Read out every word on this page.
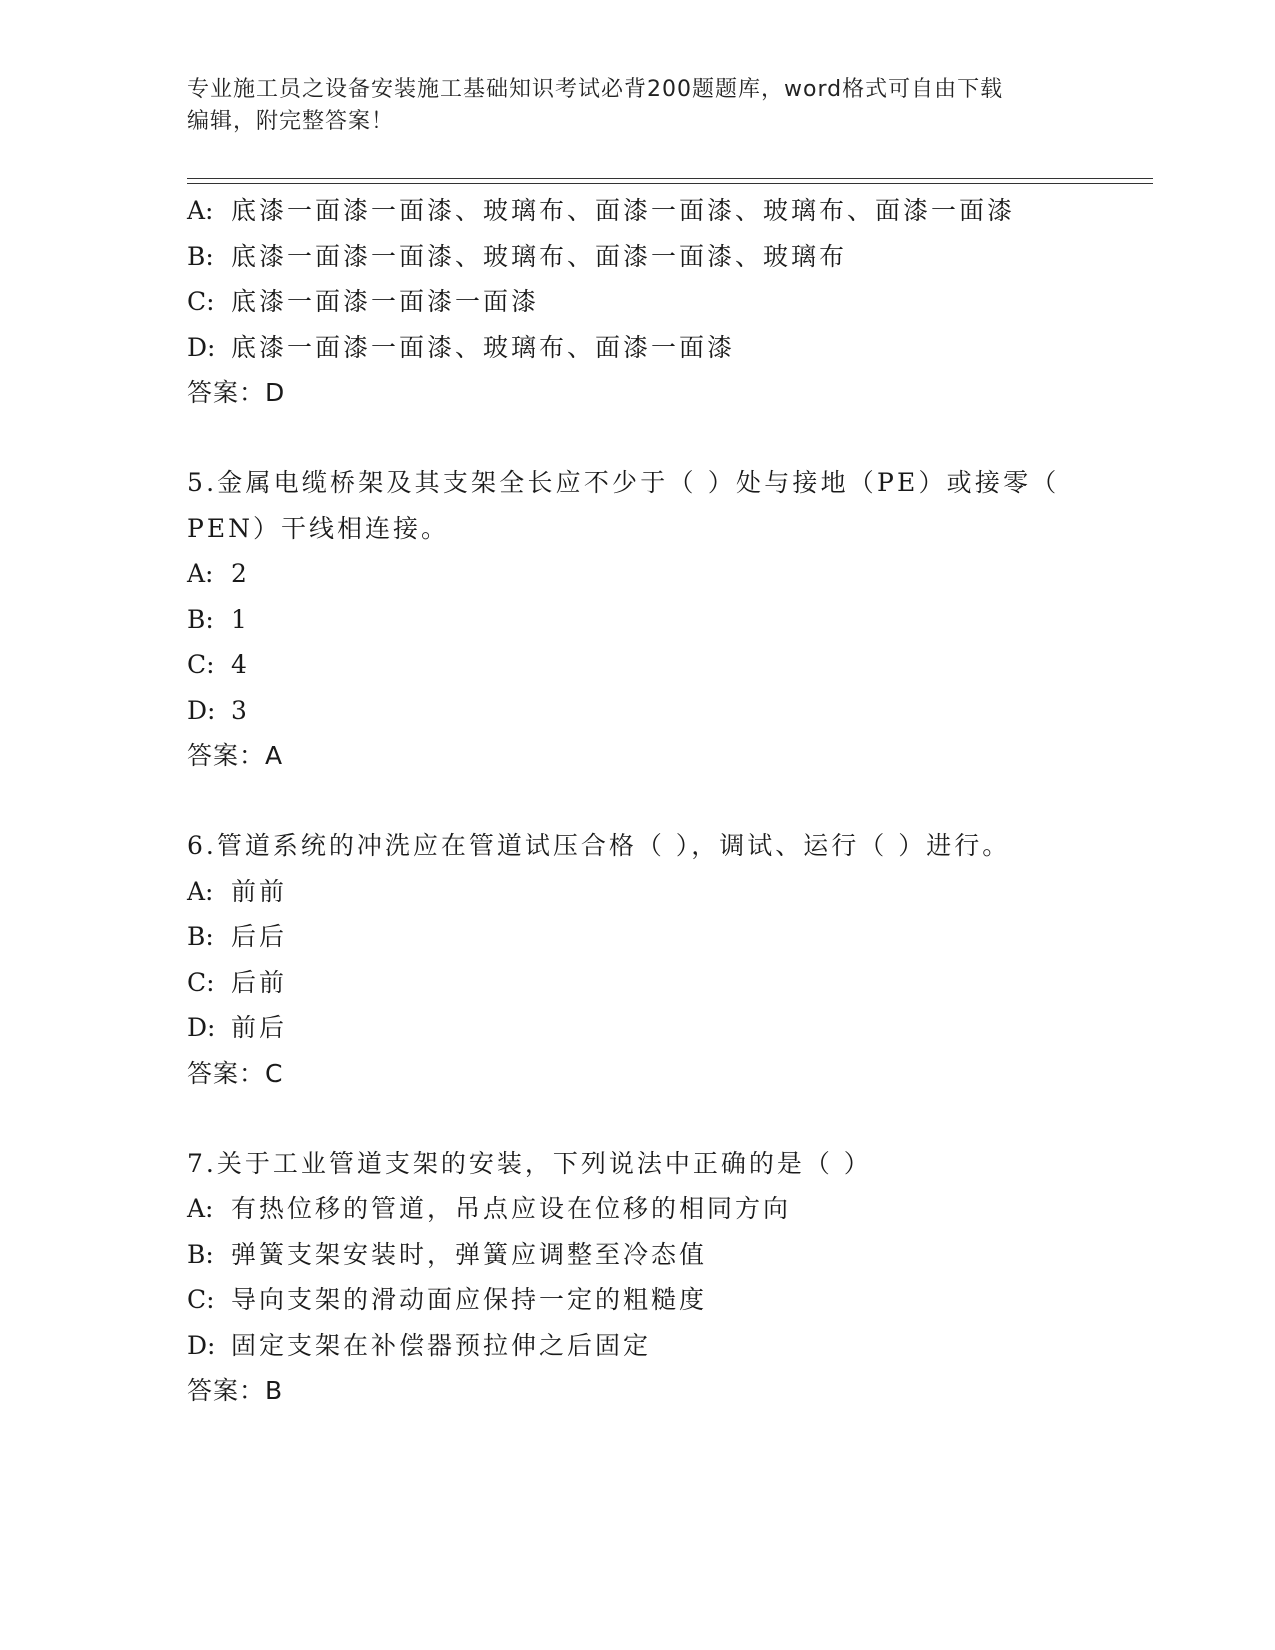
专业施工员之设备安装施工基础知识考试必背200题题库，word格式可自由下载
编辑，附完整答案！
A: 底漆一面漆一面漆、玻璃布、面漆一面漆、玻璃布、面漆一面漆
B: 底漆一面漆一面漆、玻璃布、面漆一面漆、玻璃布
C: 底漆一面漆一面漆一面漆
D: 底漆一面漆一面漆、玻璃布、面漆一面漆
答案：D
5.金属电缆桥架及其支架全长应不少于（ ）处与接地（PE）或接零（
PEN）干线相连接。
A: 2
B: 1
C: 4
D: 3
答案：A
6.管道系统的冲洗应在管道试压合格（ ），调试、运行（ ）进行。
A: 前前
B: 后后
C: 后前
D: 前后
答案：C
7.关于工业管道支架的安装，下列说法中正确的是（ ）
A: 有热位移的管道，吊点应设在位移的相同方向
B: 弹簧支架安装时，弹簧应调整至冷态值
C: 导向支架的滑动面应保持一定的粗糙度
D: 固定支架在补偿器预拉伸之后固定
答案：B
